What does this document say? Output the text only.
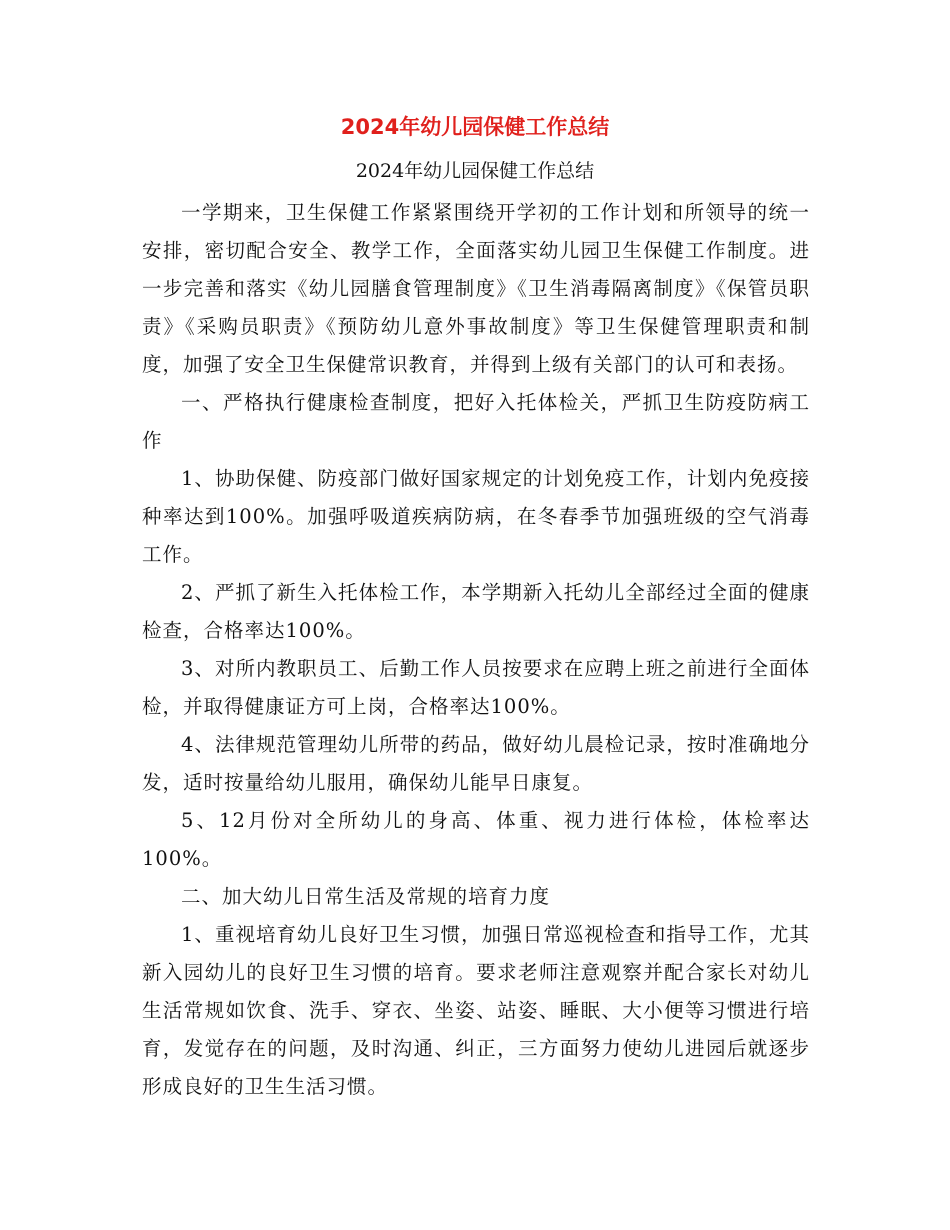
2024年幼儿园保健工作总结
2024年幼儿园保健工作总结

一学期来，卫生保健工作紧紧围绕开学初的工作计划和所领导的统一安排，密切配合安全、教学工作，全面落实幼儿园卫生保健工作制度。进一步完善和落实《幼儿园膳食管理制度》《卫生消毒隔离制度》《保管员职责》《采购员职责》《预防幼儿意外事故制度》等卫生保健管理职责和制度，加强了安全卫生保健常识教育，并得到上级有关部门的认可和表扬。

一、严格执行健康检查制度，把好入托体检关，严抓卫生防疫防病工作

1、协助保健、防疫部门做好国家规定的计划免疫工作，计划内免疫接种率达到100%。加强呼吸道疾病防病，在冬春季节加强班级的空气消毒工作。

2、严抓了新生入托体检工作，本学期新入托幼儿全部经过全面的健康检查，合格率达100%。

3、对所内教职员工、后勤工作人员按要求在应聘上班之前进行全面体检，并取得健康证方可上岗，合格率达100%。

4、法律规范管理幼儿所带的药品，做好幼儿晨检记录，按时准确地分发，适时按量给幼儿服用，确保幼儿能早日康复。

5、12月份对全所幼儿的身高、体重、视力进行体检，体检率达100%。

二、加大幼儿日常生活及常规的培育力度

1、重视培育幼儿良好卫生习惯，加强日常巡视检查和指导工作，尤其新入园幼儿的良好卫生习惯的培育。要求老师注意观察并配合家长对幼儿生活常规如饮食、洗手、穿衣、坐姿、站姿、睡眠、大小便等习惯进行培育，发觉存在的问题，及时沟通、纠正，三方面努力使幼儿进园后就逐步形成良好的卫生生活习惯。
